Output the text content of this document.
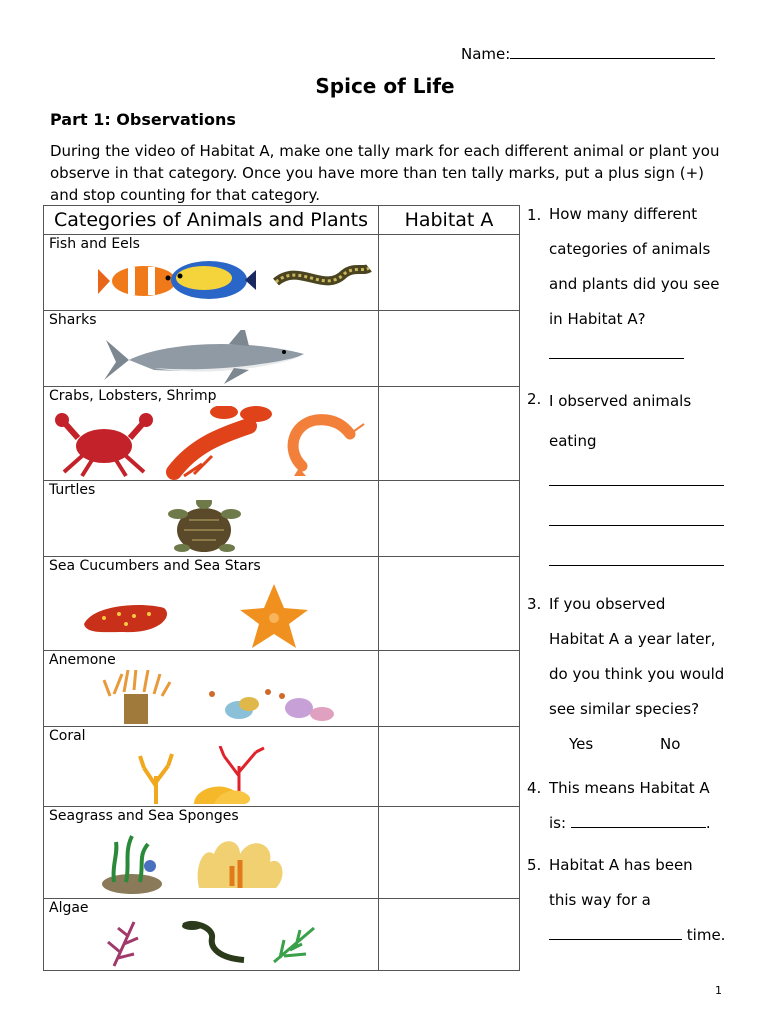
Name:
Spice of Life
Part 1: Observations
During the video of Habitat A, make one tally mark for each different animal or plant you observe in that category. Once you have more than ten tally marks, put a plus sign (+) and stop counting for that category.
Categories of Animals and Plants	Habitat A

Fish and Eels	

Sharks	

Crabs, Lobsters, Shrimp	

Turtles	

Sea Cucumbers and Sea Stars	

Anemone	

Coral	

Seagrass and Sea Sponges	

Algae	

1. How many different
categories of animals
and plants did you see
in Habitat A?
2. I observed animals
eating
3. If you observed
Habitat A a year later,
do you think you would
see similar species?
Yes	No
4. This means Habitat A
is:	.
5. Habitat A has been
this way for a
time.
1
